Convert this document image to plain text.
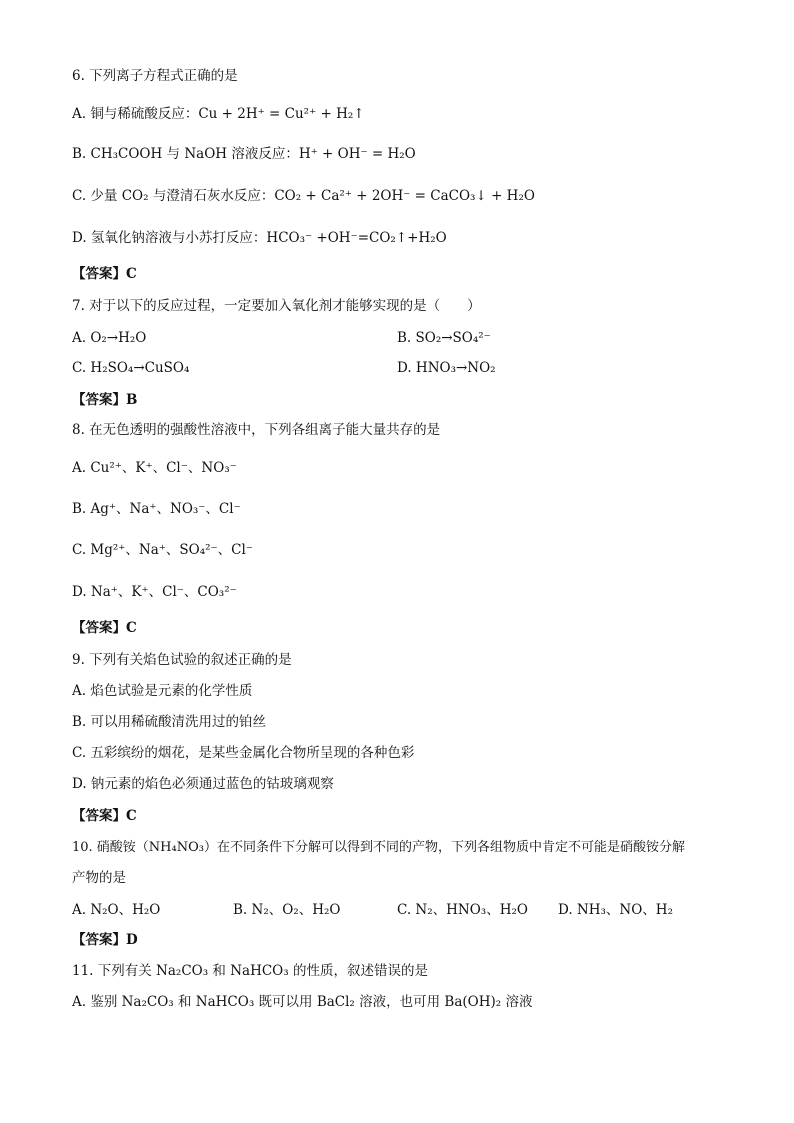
6. 下列离子方程式正确的是
A. 铜与稀硫酸反应：Cu + 2H⁺ = Cu²⁺ + H₂↑
B. CH₃COOH 与 NaOH 溶液反应：H⁺ + OH⁻ = H₂O
C. 少量 CO₂ 与澄清石灰水反应：CO₂ + Ca²⁺ + 2OH⁻ = CaCO₃↓ + H₂O
D. 氢氧化钠溶液与小苏打反应：HCO₃⁻ +OH⁻=CO₂↑+H₂O
【答案】C
7. 对于以下的反应过程，一定要加入氧化剂才能够实现的是（　　）
A. O₂→H₂O	B. SO₂→SO₄²⁻
C. H₂SO₄→CuSO₄	D. HNO₃→NO₂
【答案】B
8. 在无色透明的强酸性溶液中，下列各组离子能大量共存的是
A. Cu²⁺、K⁺、Cl⁻、NO₃⁻
B. Ag⁺、Na⁺、NO₃⁻、Cl⁻
C. Mg²⁺、Na⁺、SO₄²⁻、Cl⁻
D. Na⁺、K⁺、Cl⁻、CO₃²⁻
【答案】C
9. 下列有关焰色试验的叙述正确的是
A. 焰色试验是元素的化学性质
B. 可以用稀硫酸清洗用过的铂丝
C. 五彩缤纷的烟花，是某些金属化合物所呈现的各种色彩
D. 钠元素的焰色必须通过蓝色的钴玻璃观察
【答案】C
10. 硝酸铵（NH₄NO₃）在不同条件下分解可以得到不同的产物，下列各组物质中肯定不可能是硝酸铵分解
产物的是
A. N₂O、H₂O	B. N₂、O₂、H₂O	C. N₂、HNO₃、H₂O D. NH₃、NO、H₂
【答案】D
11. 下列有关 Na₂CO₃ 和 NaHCO₃ 的性质，叙述错误的是
A. 鉴别 Na₂CO₃ 和 NaHCO₃ 既可以用 BaCl₂ 溶液，也可用 Ba(OH)₂ 溶液
